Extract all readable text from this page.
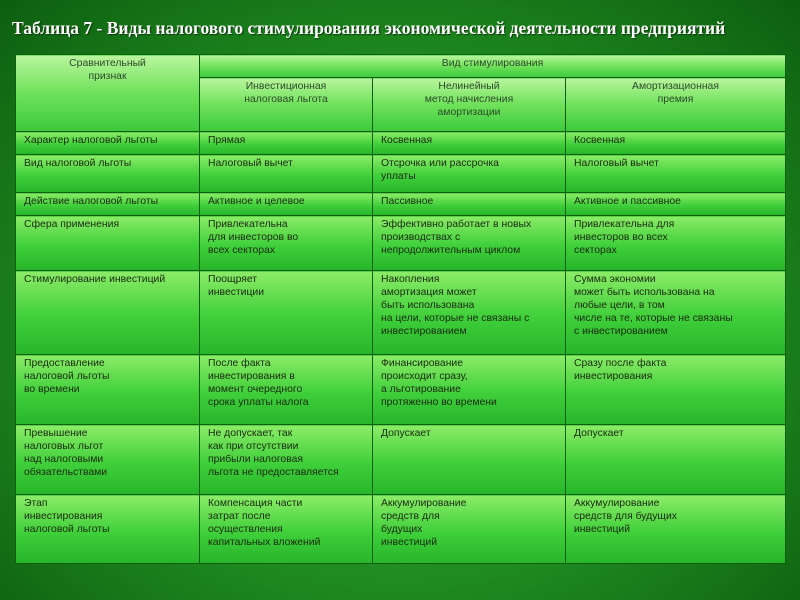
Таблица 7 - Виды налогового стимулирования экономической деятельности предприятий
Сравнительный
признак	Вид стимулирования		
	Инвестиционная
налоговая льгота	Нелинейный
метод начисления
амортизации	Амортизационная
премия
Характер налоговой льготы	Прямая	Косвенная	Косвенная
Вид налоговой льготы	Налоговый вычет	Отсрочка или рассрочка
уплаты	Налоговый вычет
Действие налоговой льготы	Активное и целевое	Пассивное	Активное и пассивное
Сфера применения	Привлекательна
для инвесторов во
всех секторах	Эффективно работает в новых
производствах с
непродолжительным циклом	Привлекательна для
инвесторов во всех
секторах
Стимулирование инвестиций	Поощряет
инвестиции	Накопления
амортизация может
быть использована
на цели, которые не связаны с
инвестированием	Сумма экономии
может быть использована на
любые цели, в том
числе на те, которые не связаны
с инвестированием
Предоставление
налоговой льготы
во времени	После факта
инвестирования в
момент очередного
срока уплаты налога	Финансирование
происходит сразу,
а льготирование
протяженно во времени	Сразу после факта
инвестирования
Превышение
налоговых льгот
над налоговыми
обязательствами	Не допускает, так
как при отсутствии
прибыли налоговая
льгота не предоставляется	Допускает	Допускает
Этап
инвестирования
налоговой льготы	Компенсация части
затрат после
осуществления
капитальных вложений	Аккумулирование
средств для
будущих
инвестиций	Аккумулирование
средств для будущих
инвестиций
